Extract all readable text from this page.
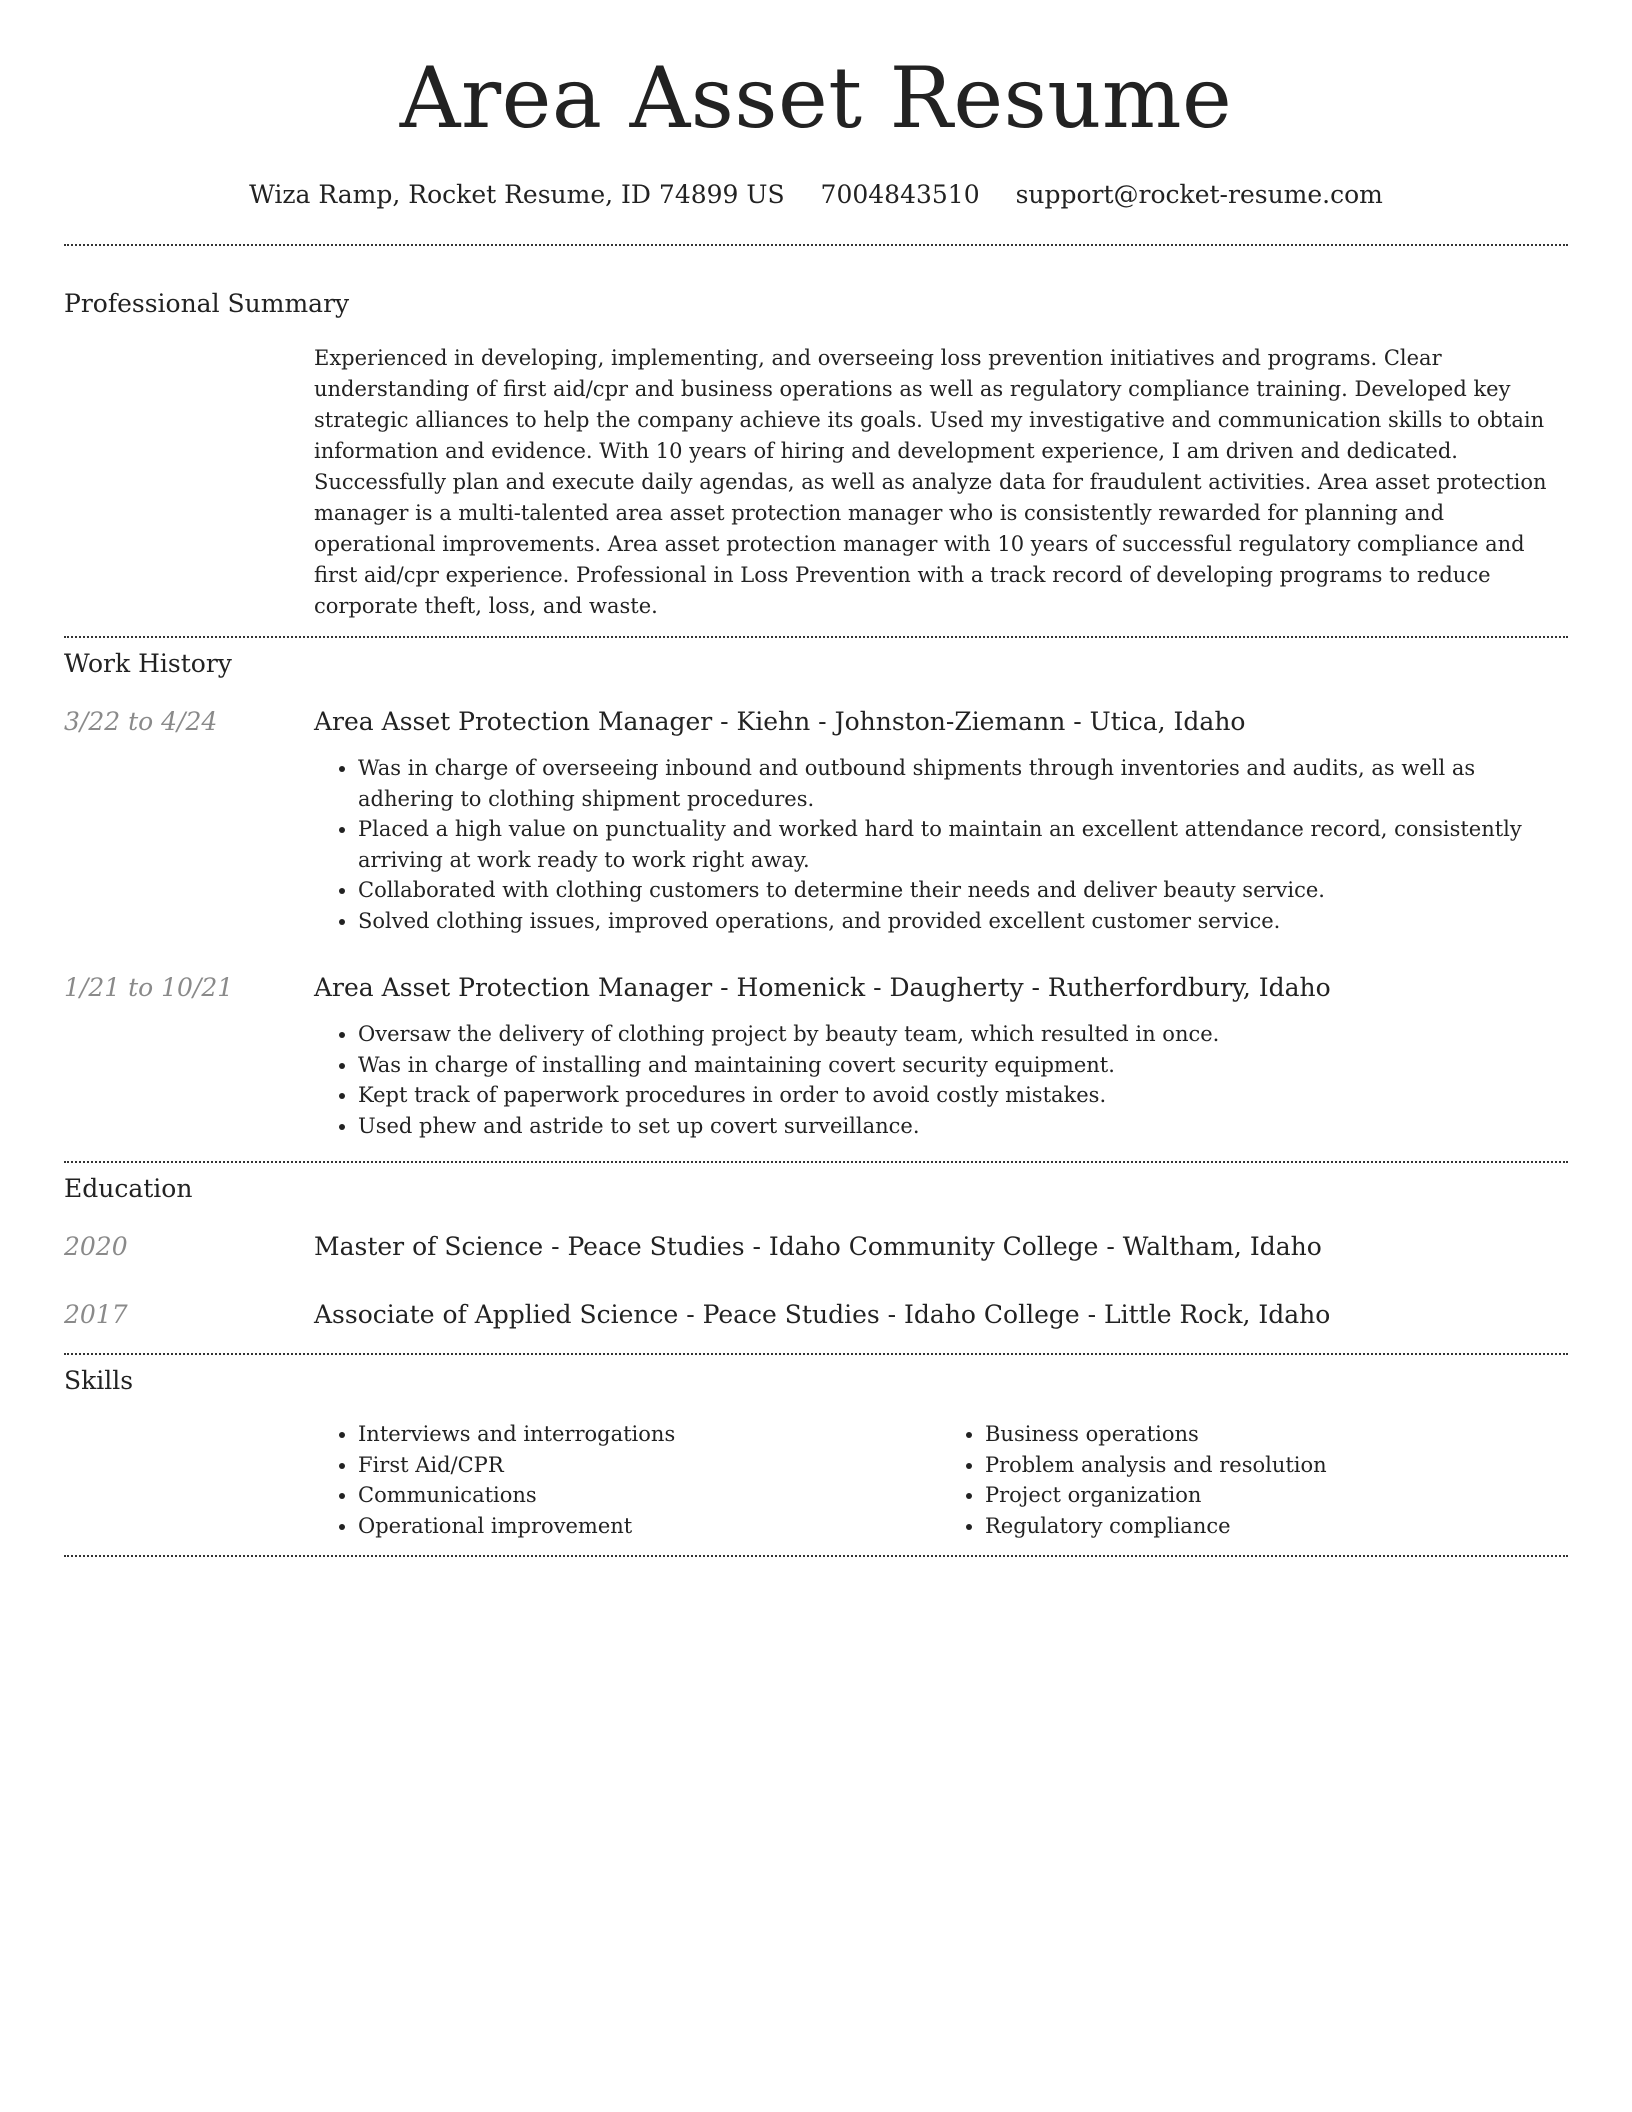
Area Asset Resume
Wiza Ramp, Rocket Resume, ID 74899 US 7004843510 support@rocket-resume.com
Professional Summary

Experienced in developing, implementing, and overseeing loss prevention initiatives and programs. Clear understanding of first aid/cpr and business operations as well as regulatory compliance training. Developed key strategic alliances to help the company achieve its goals. Used my investigative and communication skills to obtain information and evidence. With 10 years of hiring and development experience, I am driven and dedicated. Successfully plan and execute daily agendas, as well as analyze data for fraudulent activities. Area asset protection manager is a multi-talented area asset protection manager who is consistently rewarded for planning and operational improvements. Area asset protection manager with 10 years of successful regulatory compliance and first aid/cpr experience. Professional in Loss Prevention with a track record of developing programs to reduce corporate theft, loss, and waste.

Work History
3/22 to 4/24	Area Asset Protection Manager - Kiehn - Johnston-Ziemann - Utica, Idaho
• Was in charge of overseeing inbound and outbound shipments through inventories and audits, as well as adhering to clothing shipment procedures.
• Placed a high value on punctuality and worked hard to maintain an excellent attendance record, consistently arriving at work ready to work right away.
• Collaborated with clothing customers to determine their needs and deliver beauty service.
• Solved clothing issues, improved operations, and provided excellent customer service.
1/21 to 10/21	Area Asset Protection Manager - Homenick - Daugherty - Rutherfordbury, Idaho
• Oversaw the delivery of clothing project by beauty team, which resulted in once.
• Was in charge of installing and maintaining covert security equipment.
• Kept track of paperwork procedures in order to avoid costly mistakes.
• Used phew and astride to set up covert surveillance.
Education
2020	Master of Science - Peace Studies - Idaho Community College - Waltham, Idaho
2017	Associate of Applied Science - Peace Studies - Idaho College - Little Rock, Idaho
Skills
• Interviews and interrogations
• First Aid/CPR
• Communications
• Operational improvement
• Business operations
• Problem analysis and resolution
• Project organization
• Regulatory compliance
